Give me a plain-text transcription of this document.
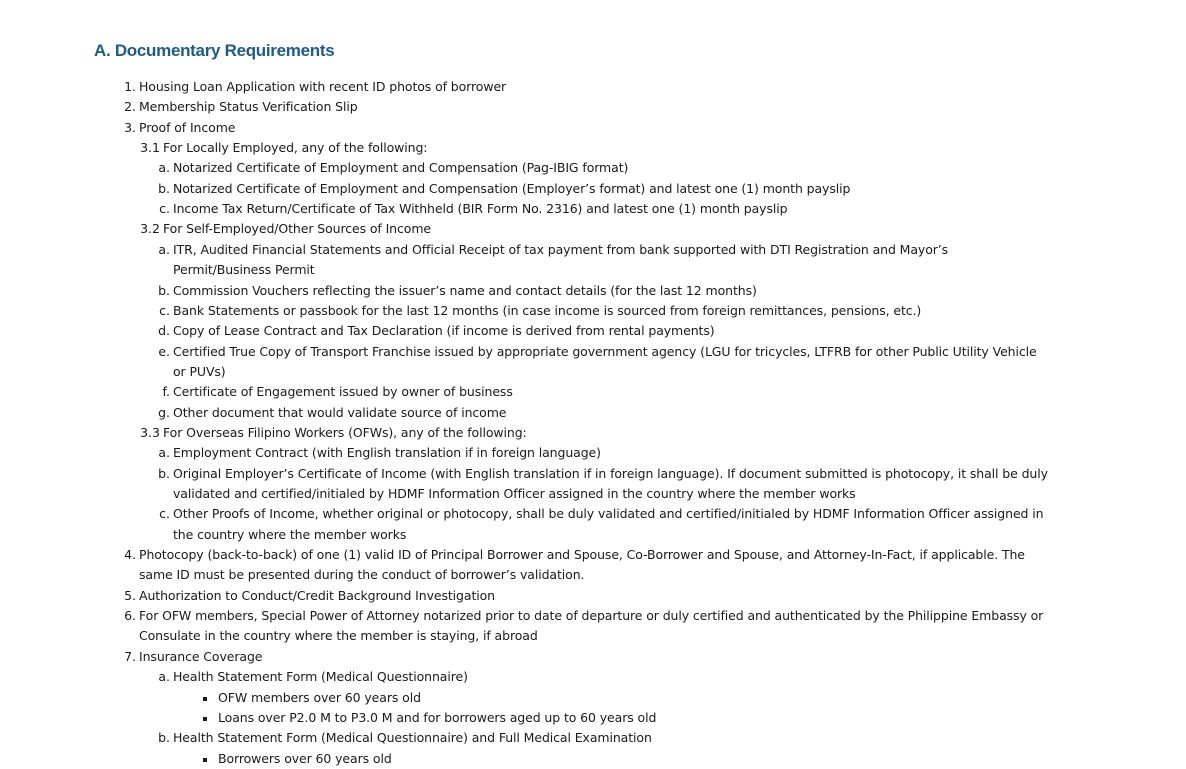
A. Documentary Requirements
1. Housing Loan Application with recent ID photos of borrower
2. Membership Status Verification Slip
3. Proof of Income
3.1 For Locally Employed, any of the following:
a. Notarized Certificate of Employment and Compensation (Pag-IBIG format)
b. Notarized Certificate of Employment and Compensation (Employer’s format) and latest one (1) month payslip
c. Income Tax Return/Certificate of Tax Withheld (BIR Form No. 2316) and latest one (1) month payslip
3.2 For Self-Employed/Other Sources of Income
a. ITR, Audited Financial Statements and Official Receipt of tax payment from bank supported with DTI Registration and Mayor’s
Permit/Business Permit
b. Commission Vouchers reflecting the issuer’s name and contact details (for the last 12 months)
c. Bank Statements or passbook for the last 12 months (in case income is sourced from foreign remittances, pensions, etc.)
d. Copy of Lease Contract and Tax Declaration (if income is derived from rental payments)
e. Certified True Copy of Transport Franchise issued by appropriate government agency (LGU for tricycles, LTFRB for other Public Utility Vehicle
or PUVs)
f. Certificate of Engagement issued by owner of business
g. Other document that would validate source of income
3.3 For Overseas Filipino Workers (OFWs), any of the following:
a. Employment Contract (with English translation if in foreign language)
b. Original Employer’s Certificate of Income (with English translation if in foreign language). If document submitted is photocopy, it shall be duly
validated and certified/initialed by HDMF Information Officer assigned in the country where the member works
c. Other Proofs of Income, whether original or photocopy, shall be duly validated and certified/initialed by HDMF Information Officer assigned in
the country where the member works
4. Photocopy (back-to-back) of one (1) valid ID of Principal Borrower and Spouse, Co-Borrower and Spouse, and Attorney-In-Fact, if applicable. The
same ID must be presented during the conduct of borrower’s validation.
5. Authorization to Conduct/Credit Background Investigation
6. For OFW members, Special Power of Attorney notarized prior to date of departure or duly certified and authenticated by the Philippine Embassy or
Consulate in the country where the member is staying, if abroad
7. Insurance Coverage
a. Health Statement Form (Medical Questionnaire)
OFW members over 60 years old
Loans over P2.0 M to P3.0 M and for borrowers aged up to 60 years old
b. Health Statement Form (Medical Questionnaire) and Full Medical Examination
Borrowers over 60 years old
